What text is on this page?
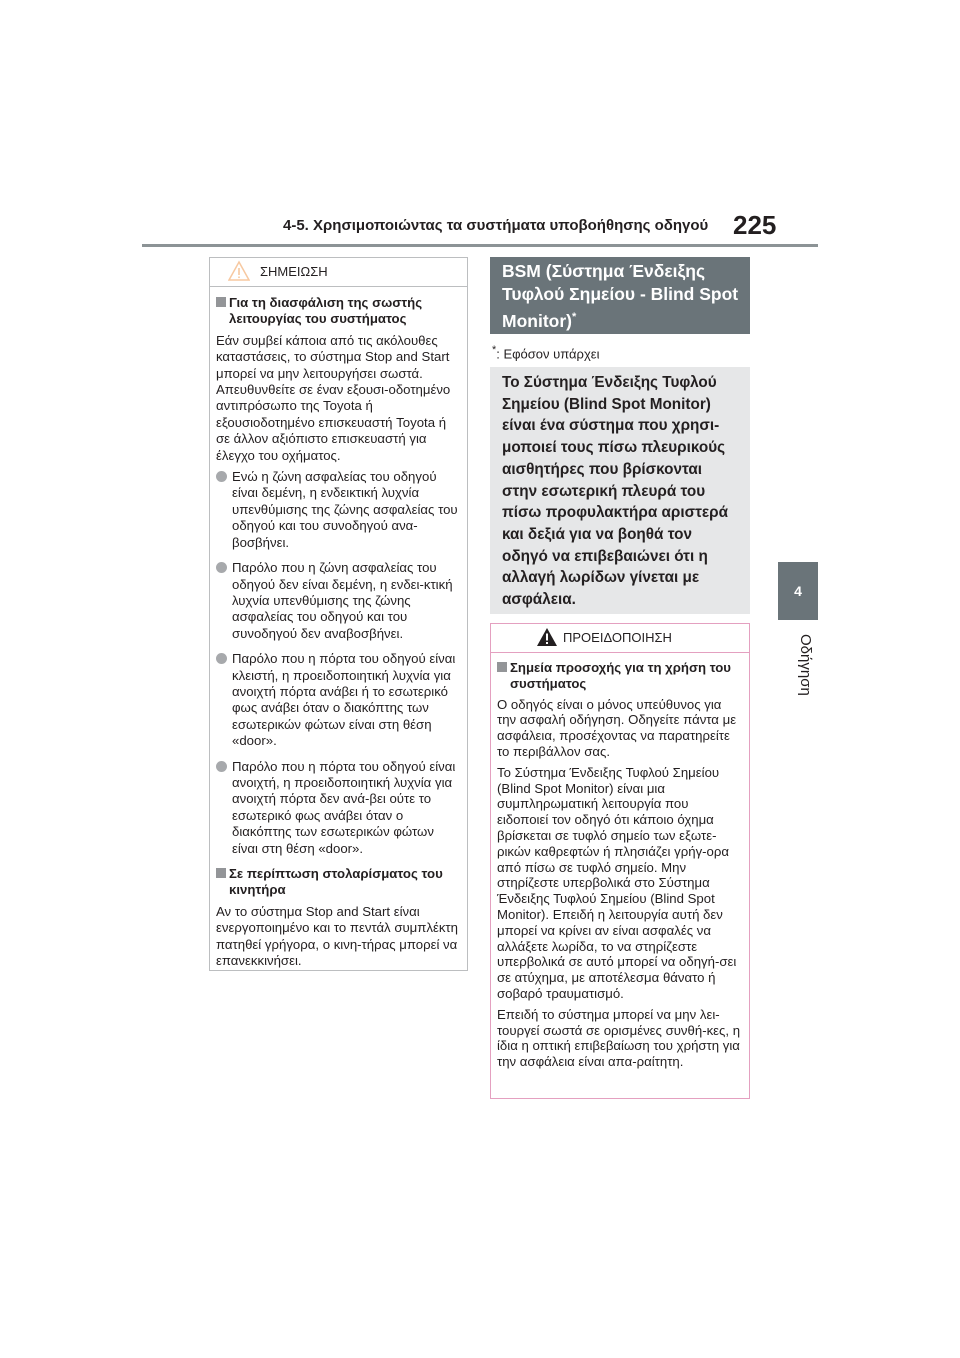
4-5. Χρησιμοποιώντας τα συστήματα υποβοήθησης οδηγού 225
4
Οδήγηση
ΣΗΜΕΙΩΣΗ
Για τη διασφάλιση της σωστής λειτουργίας του συστήματος
Εάν συμβεί κάποια από τις ακόλουθες καταστάσεις, το σύστημα Stop and Start μπορεί να μην λειτουργήσει σωστά. Απευθυνθείτε σε έναν εξουσι-οδοτημένο αντιπρόσωπο της Toyota ή εξουσιοδοτημένο επισκευαστή Toyota ή σε άλλον αξιόπιστο επισκευαστή για έλεγχο του οχήματος.
Ενώ η ζώνη ασφαλείας του οδηγού είναι δεμένη, η ενδεικτική λυχνία υπενθύμισης της ζώνης ασφαλείας του οδηγού και του συνοδηγού ανα-βοσβήνει.
Παρόλο που η ζώνη ασφαλείας του οδηγού δεν είναι δεμένη, η ενδει-κτική λυχνία υπενθύμισης της ζώνης ασφαλείας του οδηγού και του συνοδηγού δεν αναβοσβήνει.
Παρόλο που η πόρτα του οδηγού είναι κλειστή, η προειδοποιητική λυχνία για ανοιχτή πόρτα ανάβει ή το εσωτερικό φως ανάβει όταν ο διακόπτης των εσωτερικών φώτων είναι στη θέση «door».
Παρόλο που η πόρτα του οδηγού είναι ανοιχτή, η προειδοποιητική λυχνία για ανοιχτή πόρτα δεν ανά-βει ούτε το εσωτερικό φως ανάβει όταν ο διακόπτης των εσωτερικών φώτων είναι στη θέση «door».
Σε περίπτωση στολαρίσματος του κινητήρα
Αν το σύστημα Stop and Start είναι ενεργοποιημένο και το πεντάλ συμπλέκτη πατηθεί γρήγορα, ο κινη-τήρας μπορεί να επανεκκινήσει.
BSM (Σύστημα Ένδειξης Τυφλού Σημείου - Blind Spot Monitor)*
*: Εφόσον υπάρχει
Το Σύστημα Ένδειξης Τυφλού Σημείου (Blind Spot Monitor) είναι ένα σύστημα που χρησι-μοποιεί τους πίσω πλευρικούς αισθητήρες που βρίσκονται στην εσωτερική πλευρά του πίσω προφυλακτήρα αριστερά και δεξιά για να βοηθά τον οδηγό να επιβεβαιώνει ότι η αλλαγή λωρίδων γίνεται με ασφάλεια.
ΠΡΟΕΙΔΟΠΟΙΗΣΗ
Σημεία προσοχής για τη χρήση του συστήματος
Ο οδηγός είναι ο μόνος υπεύθυνος για την ασφαλή οδήγηση. Οδηγείτε πάντα με ασφάλεια, προσέχοντας να παρατηρείτε το περιβάλλον σας.
Το Σύστημα Ένδειξης Τυφλού Σημείου (Blind Spot Monitor) είναι μια συμπληρωματική λειτουργία που ειδοποιεί τον οδηγό ότι κάποιο όχημα βρίσκεται σε τυφλό σημείο των εξωτε-ρικών καθρεφτών ή πλησιάζει γρήγ-ορα από πίσω σε τυφλό σημείο. Μην στηρίζεστε υπερβολικά στο Σύστημα Ένδειξης Τυφλού Σημείου (Blind Spot Monitor). Επειδή η λειτουργία αυτή δεν μπορεί να κρίνει αν είναι ασφαλές να αλλάξετε λωρίδα, το να στηρίζεστε υπερβολικά σε αυτό μπορεί να οδηγή-σει σε ατύχημα, με αποτέλεσμα θάνατο ή σοβαρό τραυματισμό.
Επειδή το σύστημα μπορεί να μην λει-τουργεί σωστά σε ορισμένες συνθή-κες, η ίδια η οπτική επιβεβαίωση του χρήστη για την ασφάλεια είναι απα-ραίτητη.
